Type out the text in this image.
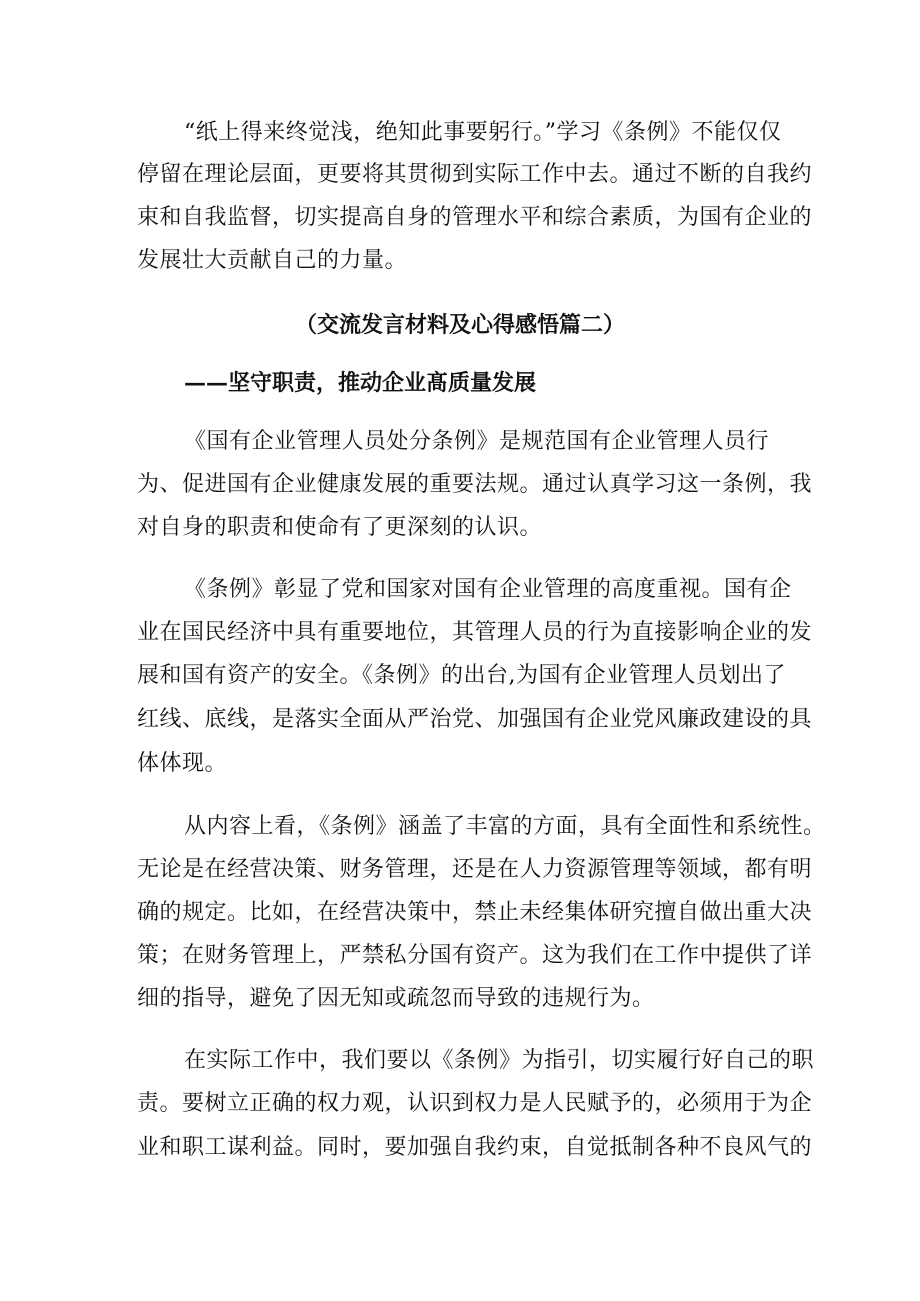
“纸上得来终觉浅，绝知此事要躬行。”学习《条例》不能仅仅
停留在理论层面，更要将其贯彻到实际工作中去。通过不断的自我约
束和自我监督，切实提高自身的管理水平和综合素质，为国有企业的
发展壮大贡献自己的力量。
（交流发言材料及心得感悟篇二）
——坚守职责，推动企业髙质量发展
《国有企业管理人员处分条例》是规范国有企业管理人员行
为、促进国有企业健康发展的重要法规。通过认真学习这一条例，我
对自身的职责和使命有了更深刻的认识。
《条例》彰显了党和国家对国有企业管理的高度重视。国有企
业在国民经济中具有重要地位，其管理人员的行为直接影响企业的发
展和国有资产的安全。《条例》的出台,为国有企业管理人员划出了
红线、底线，是落实全面从严治党、加强国有企业党风廉政建设的具
体体现。
从内容上看，《条例》涵盖了丰富的方面，具有全面性和系统性。
无论是在经营决策、财务管理，还是在人力资源管理等领域，都有明
确的规定。比如，在经营决策中，禁止未经集体研究擅自做出重大决
策；在财务管理上，严禁私分国有资产。这为我们在工作中提供了详
细的指导，避免了因无知或疏忽而导致的违规行为。
在实际工作中，我们要以《条例》为指引，切实履行好自己的职
责。要树立正确的权力观，认识到权力是人民赋予的，必须用于为企
业和职工谋利益。同时，要加强自我约束，自觉抵制各种不良风气的
